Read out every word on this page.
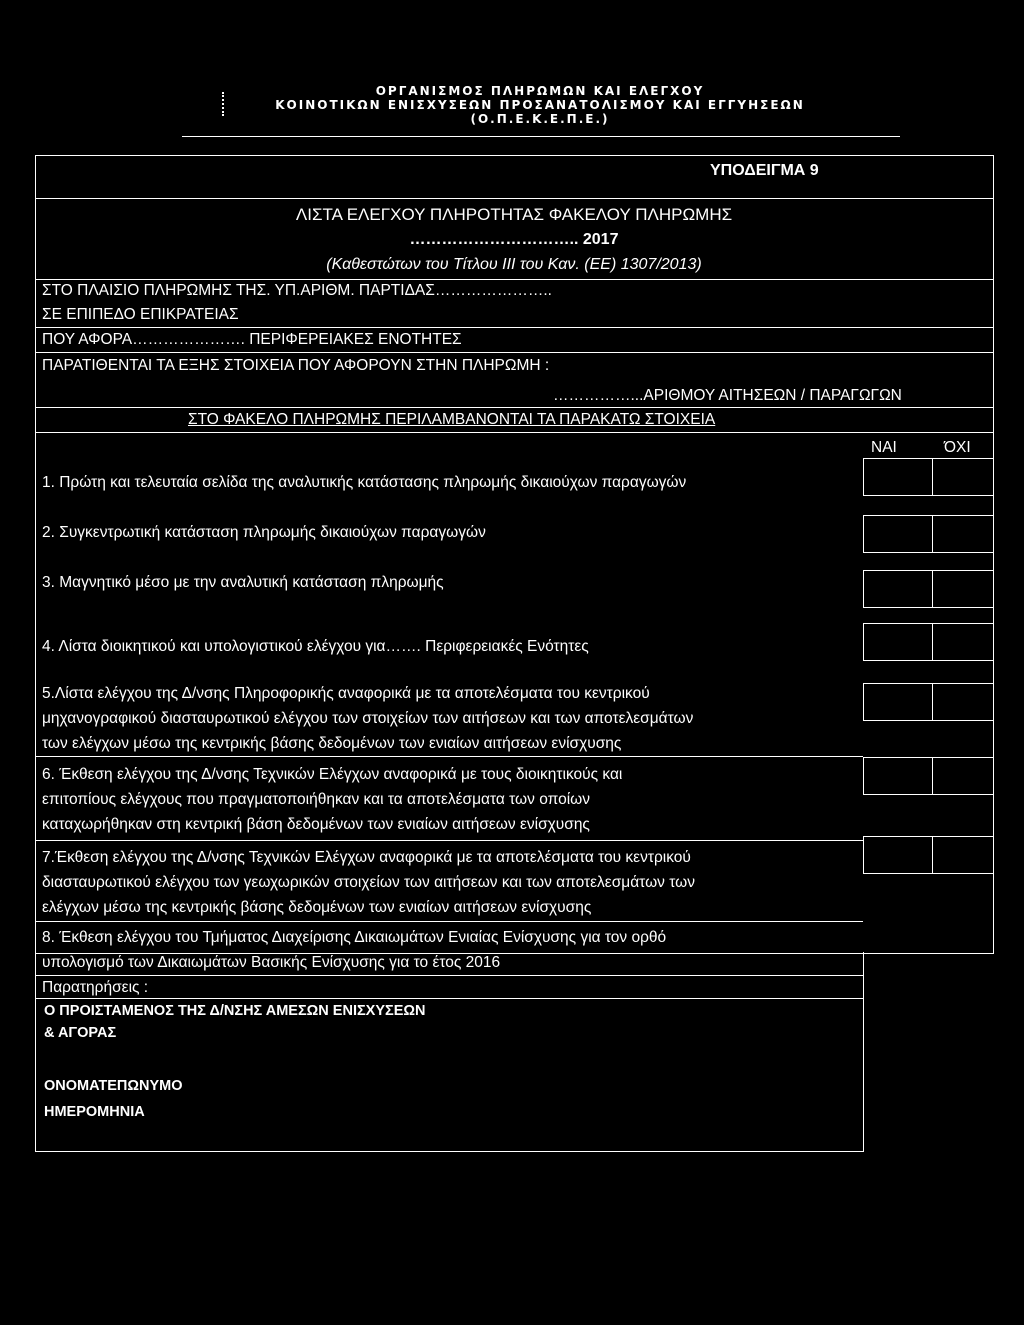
ΟΡΓΑΝΙΣΜΟΣ ΠΛΗΡΩΜΩΝ ΚΑΙ ΕΛΕΓΧΟΥ
ΚΟΙΝΟΤΙΚΩΝ ΕΝΙΣΧΥΣΕΩΝ ΠΡΟΣΑΝΑΤΟΛΙΣΜΟΥ ΚΑΙ ΕΓΓΥΗΣΕΩΝ
(Ο.Π.Ε.Κ.Ε.Π.Ε.)
ΥΠΟΔΕΙΓΜΑ 9
ΛΙΣΤΑ ΕΛΕΓΧΟΥ ΠΛΗΡΟΤΗΤΑΣ ΦΑΚΕΛΟΥ ΠΛΗΡΩΜΗΣ
………………………….. 2017
(Καθεστώτων του Τίτλου ΙΙΙ του Καν. (ΕΕ) 1307/2013)
ΣΤΟ ΠΛΑΙΣΙΟ ΠΛΗΡΩΜΗΣ ΤΗΣ. ΥΠ.ΑΡΙΘΜ. ΠΑΡΤΙΔΑΣ…………………..
ΣΕ ΕΠΙΠΕΔΟ ΕΠΙΚΡΑΤΕΙΑΣ
ΠΟΥ ΑΦΟΡΑ…………………. ΠΕΡΙΦΕΡΕΙΑΚΕΣ ΕΝΟΤΗΤΕΣ
ΠΑΡΑΤΙΘΕΝΤΑΙ ΤΑ ΕΞΗΣ ΣΤΟΙΧΕΙΑ ΠΟΥ ΑΦΟΡΟΥΝ ΣΤΗΝ ΠΛΗΡΩΜΗ :
……………...ΑΡΙΘΜΟΥ ΑΙΤΗΣΕΩΝ / ΠΑΡΑΓΩΓΩΝ
ΣΤΟ ΦΑΚΕΛΟ ΠΛΗΡΩΜΗΣ ΠΕΡΙΛΑΜΒΑΝΟΝΤΑΙ ΤΑ ΠΑΡΑΚΑΤΩ ΣΤΟΙΧΕΙΑ
ΝΑΙ	ΌΧΙ
1. Πρώτη και τελευταία σελίδα της αναλυτικής κατάστασης πληρωμής δικαιούχων παραγωγών
2. Συγκεντρωτική κατάσταση πληρωμής δικαιούχων παραγωγών
3. Μαγνητικό μέσο με την αναλυτική κατάσταση πληρωμής
4. Λίστα διοικητικού και υπολογιστικού ελέγχου για……. Περιφερειακές Ενότητες
5.Λίστα ελέγχου της Δ/νσης Πληροφορικής αναφορικά με τα αποτελέσματα του κεντρικού
μηχανογραφικού διασταυρωτικού ελέγχου των στοιχείων των αιτήσεων και των αποτελεσμάτων
των ελέγχων μέσω της κεντρικής βάσης δεδομένων των ενιαίων αιτήσεων ενίσχυσης
6. Έκθεση ελέγχου της Δ/νσης Τεχνικών Ελέγχων αναφορικά με τους διοικητικούς και
επιτοπίους ελέγχους που πραγματοποιήθηκαν και τα αποτελέσματα των οποίων
καταχωρήθηκαν στη κεντρική βάση δεδομένων των ενιαίων αιτήσεων ενίσχυσης
7.Έκθεση ελέγχου της Δ/νσης Τεχνικών Ελέγχων αναφορικά με τα αποτελέσματα του κεντρικού
διασταυρωτικού ελέγχου των γεωχωρικών στοιχείων των αιτήσεων και των αποτελεσμάτων των
ελέγχων μέσω της κεντρικής βάσης δεδομένων των ενιαίων αιτήσεων ενίσχυσης
8. Έκθεση ελέγχου του Τμήματος Διαχείρισης Δικαιωμάτων Ενιαίας Ενίσχυσης για τον ορθό
υπολογισμό των Δικαιωμάτων Βασικής Ενίσχυσης για το έτος 2016
Παρατηρήσεις :
Ο ΠΡΟΙΣΤΑΜΕΝΟΣ ΤΗΣ Δ/ΝΣΗΣ ΑΜΕΣΩΝ ΕΝΙΣΧΥΣΕΩΝ
& ΑΓΟΡΑΣ
ΟΝΟΜΑΤΕΠΩΝΥΜΟ
ΗΜΕΡΟΜΗΝΙΑ
